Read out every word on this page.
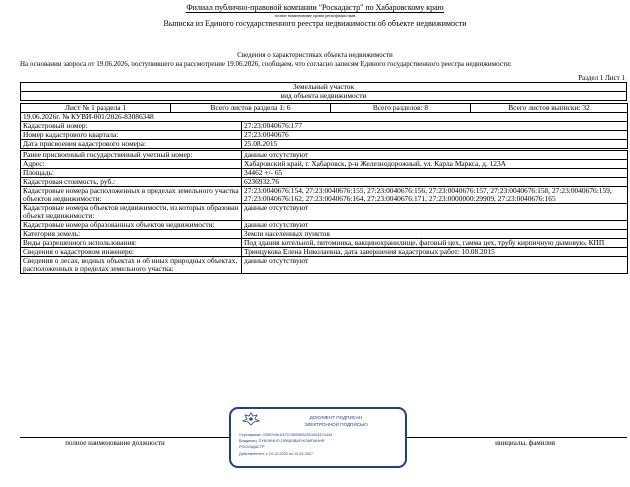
Филиал публично-правовой компании "Роскадастр" по Хабаровскому краю
полное наименование органа регистрации прав
Выписка из Единого государственного реестра недвижимости об объекте недвижимости
Сведения о характеристиках объекта недвижимости
На основании запроса от 19.06.2026, поступившего на рассмотрение 19.06.2026, сообщаем, что согласно записям Единого государственного реестра недвижимости:
Раздел 1 Лист 1
Земельный участок
вид объекта недвижимости
Лист № 1 раздела 1	Всего листов раздела 1: 6	Всего разделов: 8	Всего листов выписки: 32
19.06.2026г. № КУВИ-001/2026-83086348	
Кадастровый номер:	27:23:0040676:177
Номер кадастрового квартала:	27:23:0040676
Дата присвоения кадастрового номера:	25.08.2015
Ранее присвоенный государственный учетный номер:	данные отсутствуют
Адрес:	Хабаровский край, г. Хабаровск, р-н Железнодорожный, ул. Карла Маркса, д. 123А
Площадь:	34462 +/- 65
Кадастровая стоимость, руб.:	6236932.76
Кадастровые номера расположенных в пределах земельного участка объектов недвижимости:	27:23:0040676:154, 27:23:0040676:155, 27:23:0040676:156, 27:23:0040676:157, 27:23:0040676:158, 27:23:0040676:159, 27:23:0040676:162, 27:23:0040676:164, 27:23:0040676:171, 27:23:0000000:29909, 27:23:0040676:165
Кадастровые номера объектов недвижимости, из которых образован объект недвижимости:	данные отсутствуют
Кадастровые номера образованных объектов недвижимости:	данные отсутствуют
Категория земель:	Земли населенных пунктов
Виды разрешенного использования:	Под здания котельной, питомника, вакцинохранилище, фаговый цех, гамма цех, трубу кирпичную дымовую, КПП
Сведения о кадастровом инженере:	Тринцукова Елена Николаевна, дата завершения кадастровых работ: 10.08.2015
Сведения о лесах, водных объектах и об иных природных объектах, расположенных в пределах земельного участка:	данные отсутствуют
полное наименование должности	инициалы, фамилия
ДОКУМЕНТ ПОДПИСАН
ЭЛЕКТРОННОЙ ПОДПИСЬЮ
Сертификат: 03997c0b1f47970600f552901004474443
Владелец: ПУБЛИЧНО-ПРАВОВАЯ КОМПАНИЯ
РОСКАДАСТР
Действителен: с 24.12.2025 по 19.03.2027
